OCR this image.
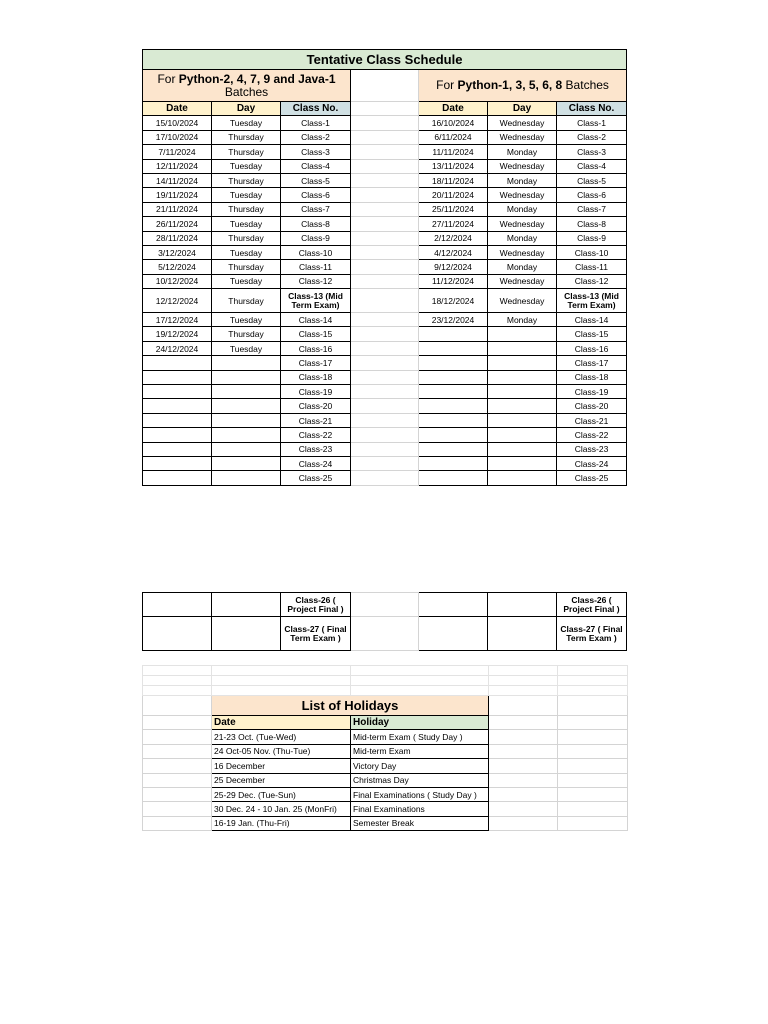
Tentative Class Schedule						
For Python-2, 4, 7, 9 and Java-1
Batches				For Python-1, 3, 5, 6, 8 Batches		
Date	Day	Class No.		Date	Day	Class No.
15/10/2024	Tuesday	Class-1		16/10/2024	Wednesday	Class-1
17/10/2024	Thursday	Class-2		6/11/2024	Wednesday	Class-2
7/11/2024	Thursday	Class-3		11/11/2024	Monday	Class-3
12/11/2024	Tuesday	Class-4		13/11/2024	Wednesday	Class-4
14/11/2024	Thursday	Class-5		18/11/2024	Monday	Class-5
19/11/2024	Tuesday	Class-6		20/11/2024	Wednesday	Class-6
21/11/2024	Thursday	Class-7		25/11/2024	Monday	Class-7
26/11/2024	Tuesday	Class-8		27/11/2024	Wednesday	Class-8
28/11/2024	Thursday	Class-9		2/12/2024	Monday	Class-9
3/12/2024	Tuesday	Class-10		4/12/2024	Wednesday	Class-10
5/12/2024	Thursday	Class-11		9/12/2024	Monday	Class-11
10/12/2024	Tuesday	Class-12		11/12/2024	Wednesday	Class-12
12/12/2024	Thursday	Class-13 (Mid Term Exam)		18/12/2024	Wednesday	Class-13 (Mid Term Exam)
17/12/2024	Tuesday	Class-14		23/12/2024	Monday	Class-14
19/12/2024	Thursday	Class-15				Class-15
24/12/2024	Tuesday	Class-16				Class-16
		Class-17				Class-17
		Class-18				Class-18
		Class-19				Class-19
		Class-20				Class-20
		Class-21				Class-21
		Class-22				Class-22
		Class-23				Class-23
		Class-24				Class-24
		Class-25				Class-25
		Class-26 ( Project Final )				Class-26 ( Project Final )
		Class-27 ( Final Term Exam )				Class-27 ( Final Term Exam )

	List of Holidays			
	Date	Holiday		
	21-23 Oct. (Tue-Wed)	Mid-term Exam ( Study Day )		
	24 Oct-05 Nov. (Thu-Tue)	Mid-term Exam		
	16 December	Victory Day		
	25 December	Christmas Day		
	25-29 Dec. (Tue-Sun)	Final Examinations ( Study Day )		
	30 Dec. 24 - 10 Jan. 25 (MonFri)	Final Examinations		
	16-19 Jan. (Thu-Fri)	Semester Break		
